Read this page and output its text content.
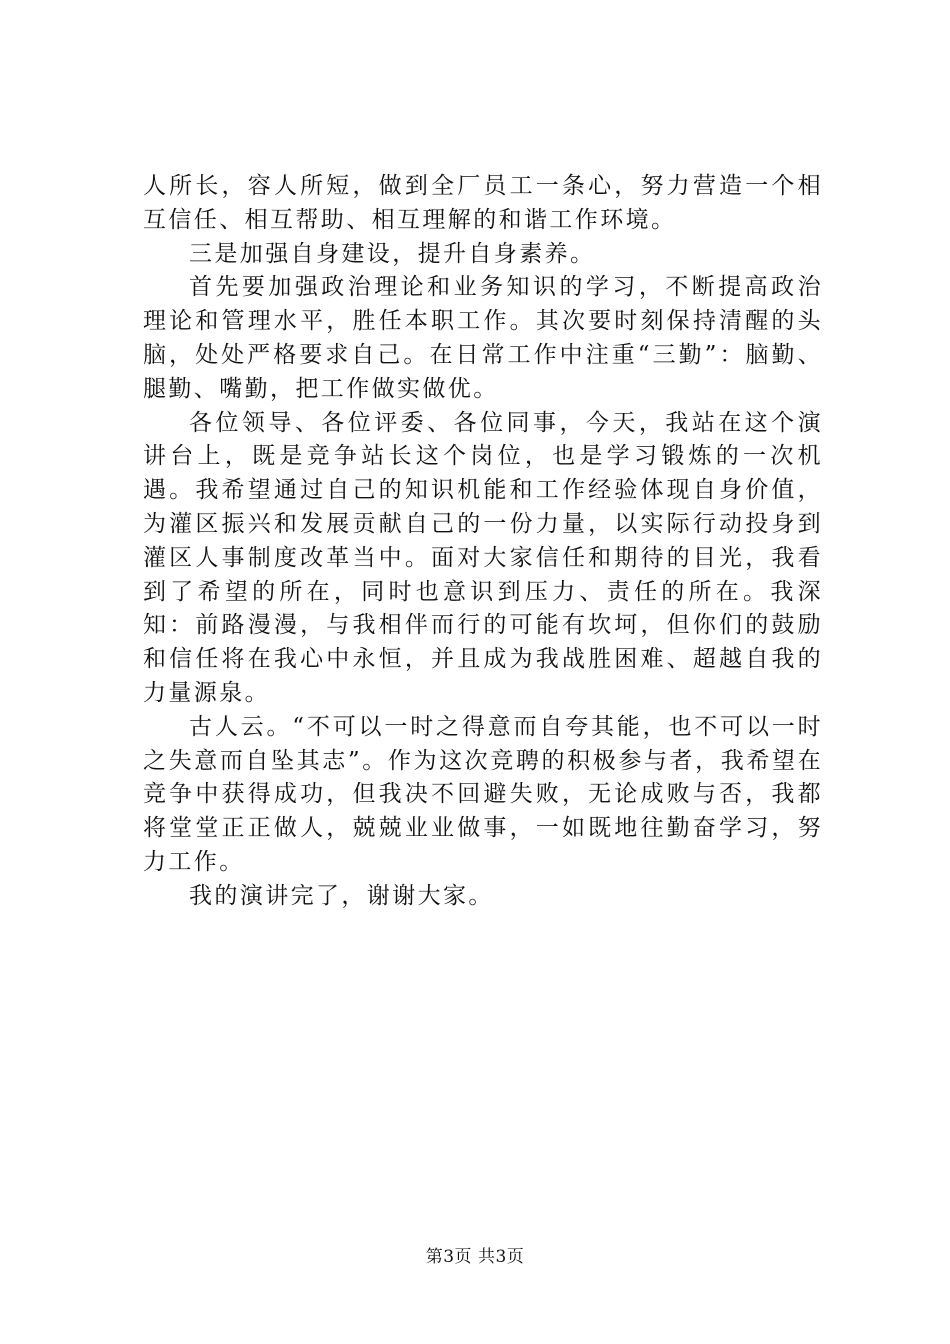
人所长，容人所短，做到全厂员工一条心，努力营造一个相互信任、相互帮助、相互理解的和谐工作环境。

三是加强自身建设，提升自身素养。

首先要加强政治理论和业务知识的学习，不断提高政治理论和管理水平，胜任本职工作。其次要时刻保持清醒的头脑，处处严格要求自己。在日常工作中注重“三勤”：脑勤、腿勤、嘴勤，把工作做实做优。

各位领导、各位评委、各位同事，今天，我站在这个演讲台上，既是竞争站长这个岗位，也是学习锻炼的一次机遇。我希望通过自己的知识机能和工作经验体现自身价值，为灌区振兴和发展贡献自己的一份力量，以实际行动投身到灌区人事制度改革当中。面对大家信任和期待的目光，我看到了希望的所在，同时也意识到压力、责任的所在。我深知：前路漫漫，与我相伴而行的可能有坎坷，但你们的鼓励和信任将在我心中永恒，并且成为我战胜困难、超越自我的力量源泉。

古人云。“不可以一时之得意而自夸其能，也不可以一时之失意而自坠其志”。作为这次竞聘的积极参与者，我希望在竞争中获得成功，但我决不回避失败，无论成败与否，我都将堂堂正正做人，兢兢业业做事，一如既地往勤奋学习，努力工作。

我的演讲完了，谢谢大家。

第3页 共3页
